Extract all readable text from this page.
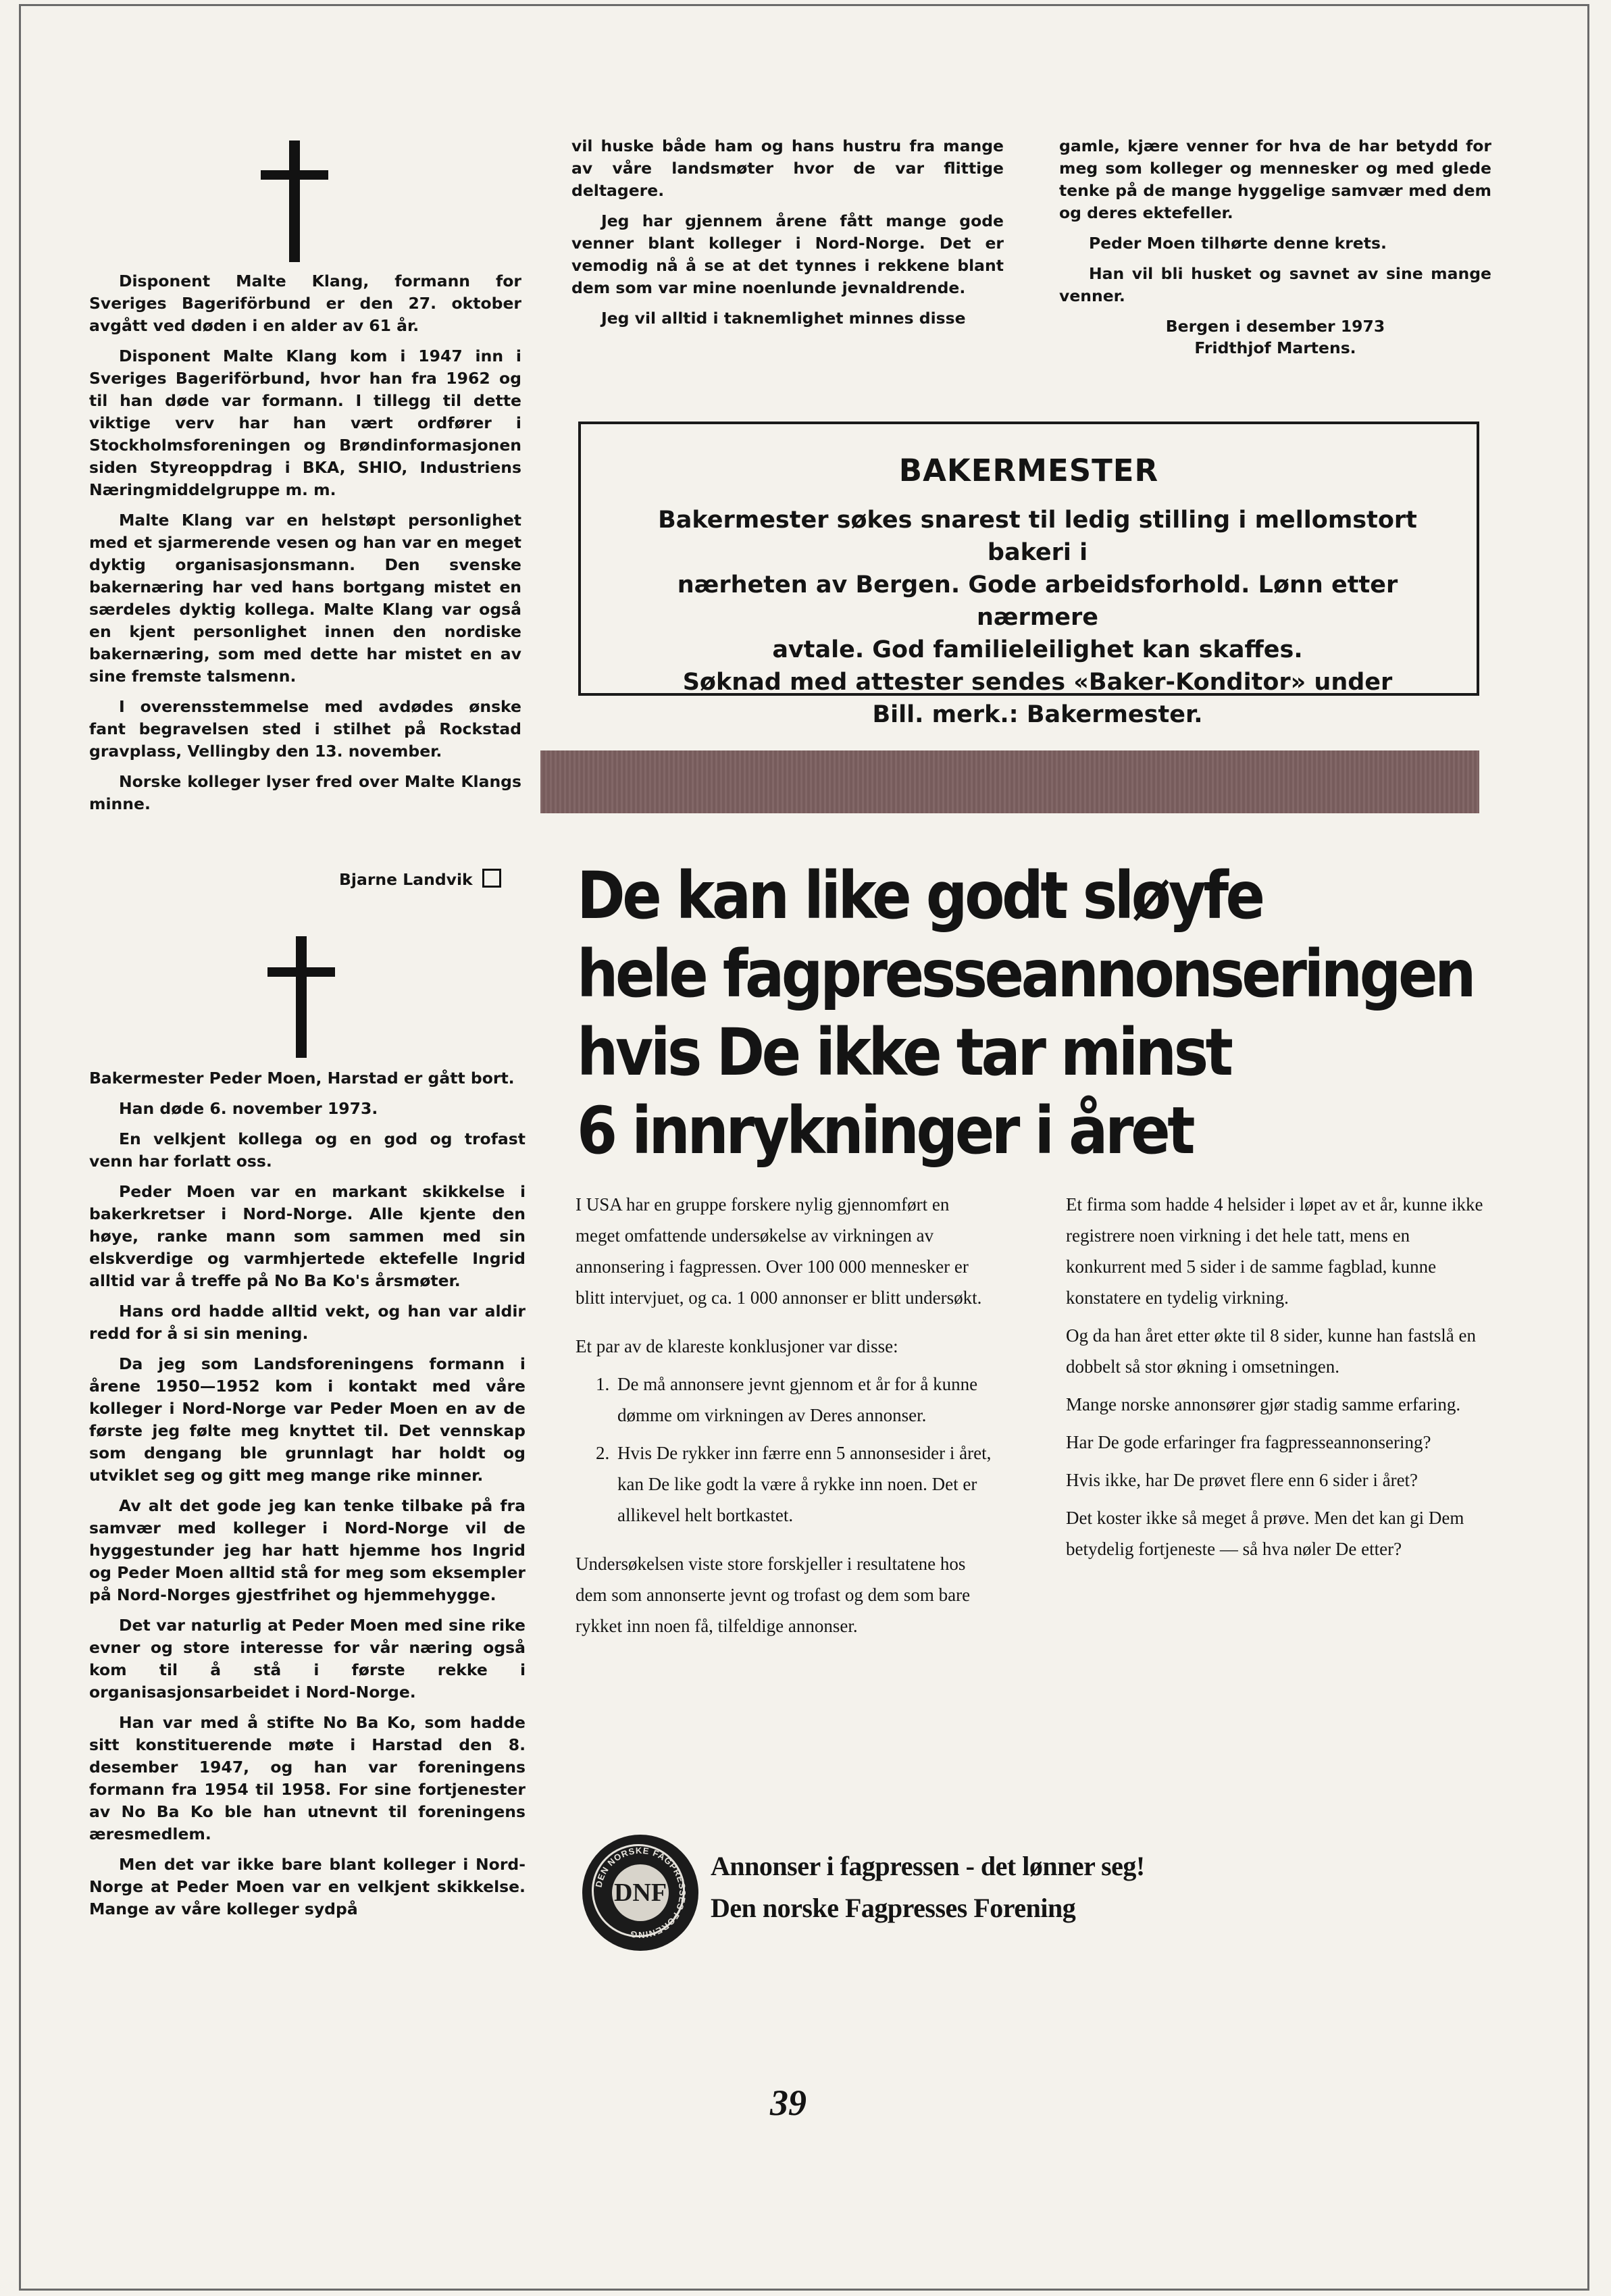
Disponent Malte Klang, formann for Sveriges Bageriförbund er den 27. oktober avgått ved døden i en alder av 61 år.

Disponent Malte Klang kom i 1947 inn i Sveriges Bageriförbund, hvor han fra 1962 og til han døde var formann. I tillegg til dette viktige verv har han vært ordfører i Stockholmsforeningen og Brøndinformasjonen siden Styreoppdrag i BKA, SHIO, Industriens Næringmiddelgruppe m. m.

Malte Klang var en helstøpt personlighet med et sjarmerende vesen og han var en meget dyktig organisasjonsmann. Den svenske bakernæring har ved hans bortgang mistet en særdeles dyktig kollega. Malte Klang var også en kjent personlighet innen den nordiske bakernæring, som med dette har mistet en av sine fremste talsmenn.

I overensstemmelse med avdødes ønske fant begravelsen sted i stilhet på Rockstad gravplass, Vellingby den 13. november.

Norske kolleger lyser fred over Malte Klangs minne.

Bjarne Landvik

Bakermester Peder Moen, Harstad er gått bort.

Han døde 6. november 1973.

En velkjent kollega og en god og trofast venn har forlatt oss.

Peder Moen var en markant skikkelse i bakerkretser i Nord-Norge. Alle kjente den høye, ranke mann som sammen med sin elskverdige og varmhjertede ektefelle Ingrid alltid var å treffe på No Ba Ko's årsmøter.

Hans ord hadde alltid vekt, og han var aldir redd for å si sin mening.

Da jeg som Landsforeningens formann i årene 1950—1952 kom i kontakt med våre kolleger i Nord-Norge var Peder Moen en av de første jeg følte meg knyttet til. Det vennskap som dengang ble grunnlagt har holdt og utviklet seg og gitt meg mange rike minner.

Av alt det gode jeg kan tenke tilbake på fra samvær med kolleger i Nord-Norge vil de hyggestunder jeg har hatt hjemme hos Ingrid og Peder Moen alltid stå for meg som eksempler på Nord-Norges gjestfrihet og hjemmehygge.

Det var naturlig at Peder Moen med sine rike evner og store interesse for vår næring også kom til å stå i første rekke i organisasjonsarbeidet i Nord-Norge.

Han var med å stifte No Ba Ko, som hadde sitt konstituerende møte i Harstad den 8. desember 1947, og han var foreningens formann fra 1954 til 1958. For sine fortjenester av No Ba Ko ble han utnevnt til foreningens æresmedlem.

Men det var ikke bare blant kolleger i Nord-Norge at Peder Moen var en velkjent skikkelse. Mange av våre kolleger sydpå

vil huske både ham og hans hustru fra mange av våre landsmøter hvor de var flittige deltagere.

Jeg har gjennem årene fått mange gode venner blant kolleger i Nord-Norge. Det er vemodig nå å se at det tynnes i rekkene blant dem som var mine noenlunde jevnaldrende.

Jeg vil alltid i taknemlighet minnes disse

gamle, kjære venner for hva de har betydd for meg som kolleger og mennesker og med glede tenke på de mange hyggelige samvær med dem og deres ektefeller.

Peder Moen tilhørte denne krets.

Han vil bli husket og savnet av sine mange venner.

Bergen i desember 1973
Fridthjof Martens.
BAKERMESTER
Bakermester søkes snarest til ledig stilling i mellomstort bakeri i
nærheten av Bergen. Gode arbeidsforhold. Lønn etter nærmere
avtale. God familieleilighet kan skaffes.
Søknad med attester sendes «Baker-Konditor» under
Bill. merk.: Bakermester.
De kan like godt sløyfe
hele fagpresseannonseringen
hvis De ikke tar minst
6 innrykninger i året

I USA har en gruppe forskere nylig gjennomført en meget omfattende undersøkelse av virkningen av annonsering i fagpressen. Over 100 000 mennesker er blitt intervjuet, og ca. 1 000 annonser er blitt undersøkt.

Et par av de klareste konklusjoner var disse:

1. De må annonsere jevnt gjennom et år for å kunne dømme om virkningen av Deres annonser.
2. Hvis De rykker inn færre enn 5 annonsesider i året, kan De like godt la være å rykke inn noen. Det er allikevel helt bortkastet.

Undersøkelsen viste store forskjeller i resultatene hos dem som annonserte jevnt og trofast og dem som bare rykket inn noen få, tilfeldige annonser.

Et firma som hadde 4 helsider i løpet av et år, kunne ikke registrere noen virkning i det hele tatt, mens en konkurrent med 5 sider i de samme fagblad, kunne konstatere en tydelig virkning.

Og da han året etter økte til 8 sider, kunne han fastslå en dobbelt så stor økning i omsetningen.

Mange norske annonsører gjør stadig samme erfaring.

Har De gode erfaringer fra fagpresseannonsering?

Hvis ikke, har De prøvet flere enn 6 sider i året?

Det koster ikke så meget å prøve. Men det kan gi Dem betydelig fortjeneste — så hva nøler De etter?

DEN NORSKE FAGPRESSES FORENING
DNF
Annonser i fagpressen - det lønner seg!
Den norske Fagpresses Forening
39
